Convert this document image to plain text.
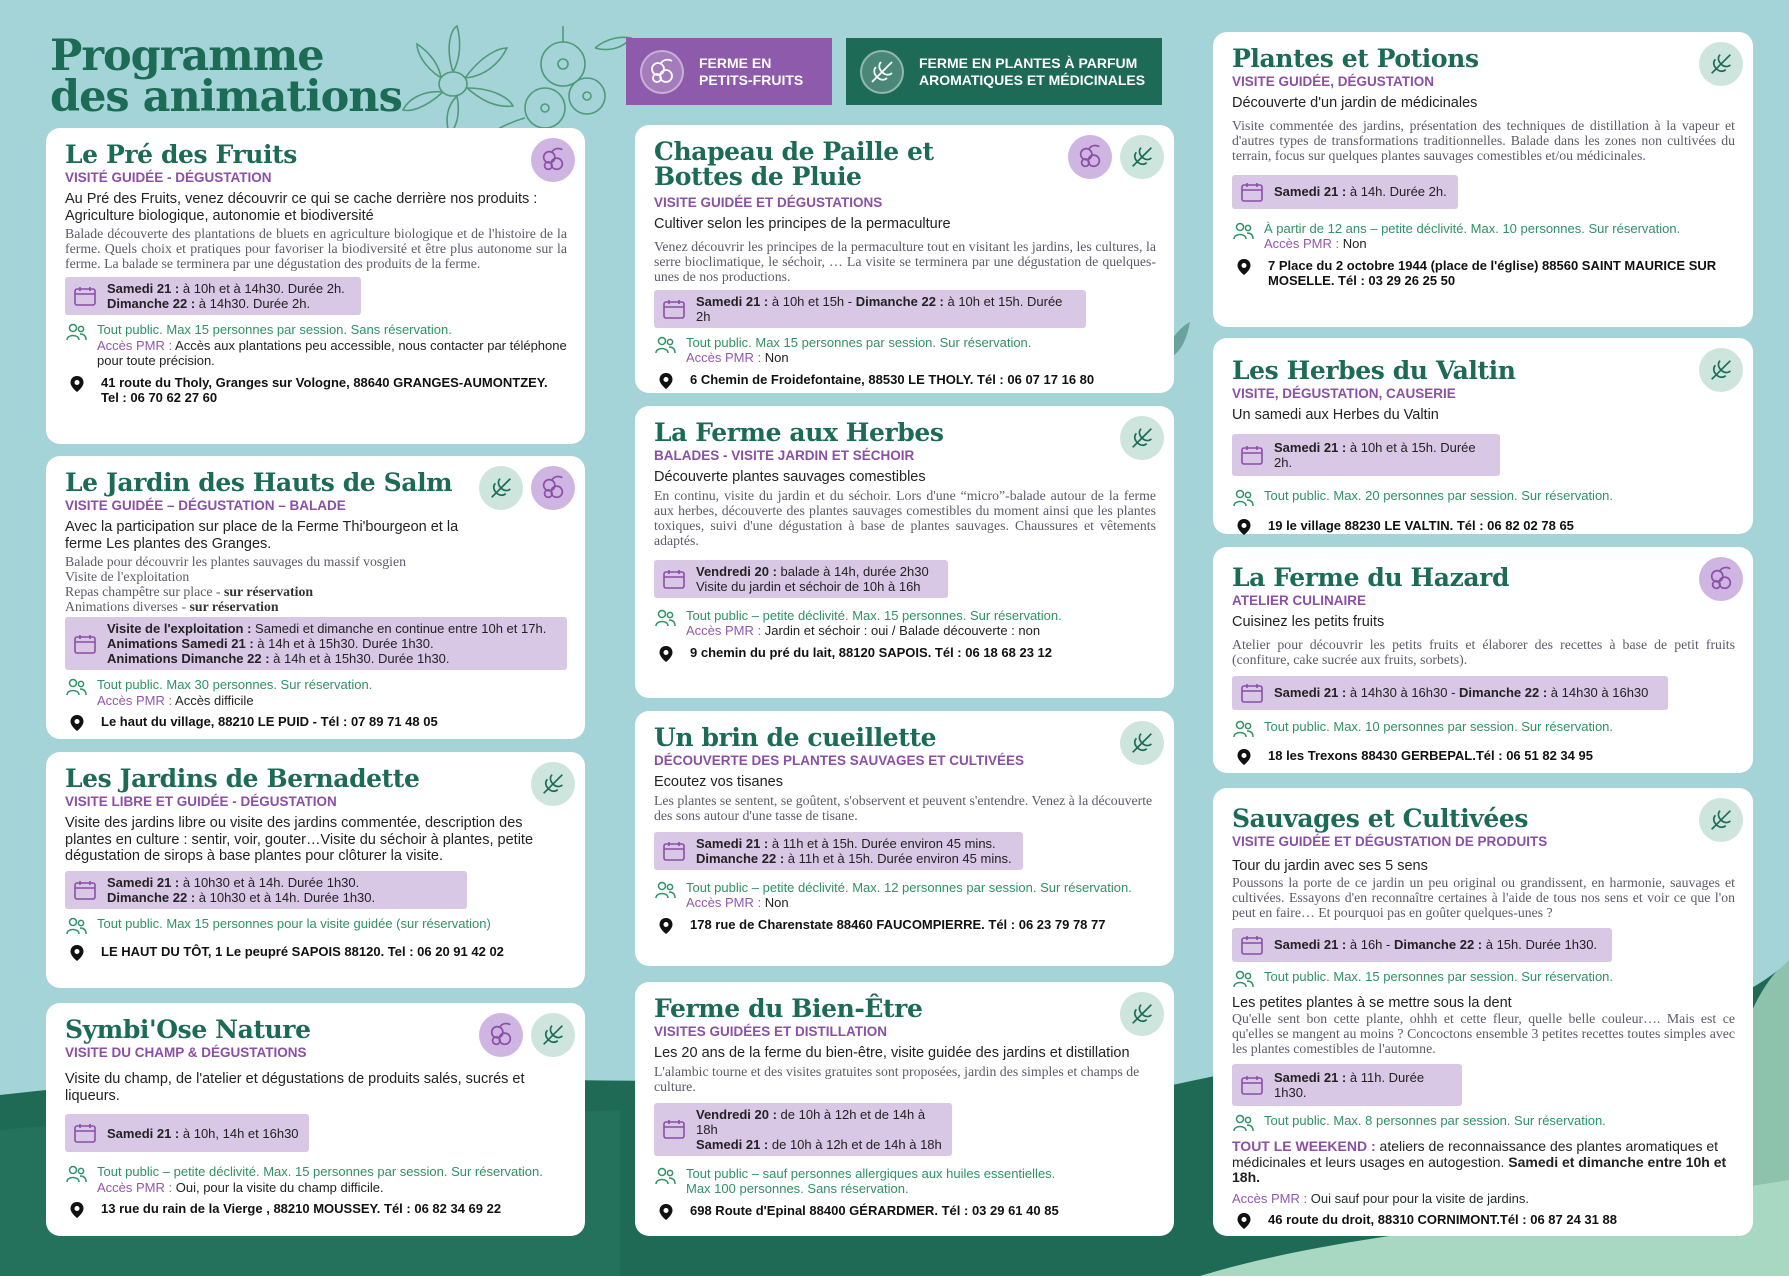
Programme
des animations
FERME EN
PETITS-FRUITS
FERME EN PLANTES À PARFUM
AROMATIQUES ET MÉDICINALES
Le Pré des Fruits
VISITÉ GUIDÉE - DÉGUSTATION
Au Pré des Fruits, venez découvrir ce qui se cache derrière nos produits : Agriculture biologique, autonomie et biodiversité
Balade découverte des plantations de bluets en agriculture biologique et de l'histoire de la ferme. Quels choix et pratiques pour favoriser la biodiversité et être plus autonome sur la ferme. La balade se terminera par une dégustation des produits de la ferme.
Samedi 21 : à 10h et à 14h30. Durée 2h.
Dimanche 22 : à 14h30. Durée 2h.
Tout public. Max 15 personnes par session. Sans réservation.
Accès PMR : Accès aux plantations peu accessible, nous contacter par téléphone pour toute précision.
41 route du Tholy, Granges sur Vologne, 88640 GRANGES-AUMONTZEY. Tel : 06 70 62 27 60
Le Jardin des Hauts de Salm
VISITE GUIDÉE – DÉGUSTATION – BALADE
Avec la participation sur place de la Ferme Thi'bourgeon et la ferme Les plantes des Granges.
Balade pour découvrir les plantes sauvages du massif vosgien
Visite de l'exploitation
Repas champêtre sur place - sur réservation
Animations diverses - sur réservation
Visite de l'exploitation : Samedi et dimanche en continue entre 10h et 17h.
Animations Samedi 21 : à 14h et à 15h30. Durée 1h30.
Animations Dimanche 22 : à 14h et à 15h30. Durée 1h30.
Tout public. Max 30 personnes. Sur réservation.
Accès PMR : Accès difficile
Le haut du village, 88210 LE PUID - Tél : 07 89 71 48 05
Les Jardins de Bernadette
VISITE LIBRE ET GUIDÉE - DÉGUSTATION
Visite des jardins libre ou visite des jardins commentée, description des plantes en culture : sentir, voir, gouter…Visite du séchoir à plantes, petite dégustation de sirops à base plantes pour clôturer la visite.
Samedi 21 : à 10h30 et à 14h. Durée 1h30.
Dimanche 22 : à 10h30 et à 14h. Durée 1h30.
Tout public. Max 15 personnes pour la visite guidée (sur réservation)
LE HAUT DU TÔT, 1 Le peupré SAPOIS 88120. Tel : 06 20 91 42 02
Symbi'Ose Nature
VISITE DU CHAMP & DÉGUSTATIONS
Visite du champ, de l'atelier et dégustations de produits salés, sucrés et liqueurs.
Samedi 21 : à 10h, 14h et 16h30
Tout public – petite déclivité. Max. 15 personnes par session. Sur réservation.
Accès PMR : Oui, pour la visite du champ difficile.
13 rue du rain de la Vierge , 88210 MOUSSEY. Tél : 06 82 34 69 22
Chapeau de Paille et
Bottes de Pluie
VISITE GUIDÉE ET DÉGUSTATIONS
Cultiver selon les principes de la permaculture
Venez découvrir les principes de la permaculture tout en visitant les jardins, les cultures, la serre bioclimatique, le séchoir, … La visite se terminera par une dégustation de quelques-unes de nos productions.
Samedi 21 : à 10h et 15h - Dimanche 22 : à 10h et 15h. Durée 2h
Tout public. Max 15 personnes par session. Sur réservation.
Accès PMR : Non
6 Chemin de Froidefontaine, 88530 LE THOLY. Tél : 06 07 17 16 80
La Ferme aux Herbes
BALADES - VISITE JARDIN ET SÉCHOIR
Découverte plantes sauvages comestibles
En continu, visite du jardin et du séchoir. Lors d'une “micro”-balade autour de la ferme aux herbes, découverte des plantes sauvages comestibles du moment ainsi que les plantes toxiques, suivi d'une dégustation à base de plantes sauvages. Chaussures et vêtements adaptés.
Vendredi 20 : balade à 14h, durée 2h30
Visite du jardin et séchoir de 10h à 16h
Tout public – petite déclivité. Max. 15 personnes. Sur réservation.
Accès PMR : Jardin et séchoir : oui / Balade découverte : non
9 chemin du pré du lait, 88120 SAPOIS. Tél : 06 18 68 23 12
Un brin de cueillette
DÉCOUVERTE DES PLANTES SAUVAGES ET CULTIVÉES
Ecoutez vos tisanes
Les plantes se sentent, se goûtent, s'observent et peuvent s'entendre. Venez à la découverte des sons autour d'une tasse de tisane.
Samedi 21 : à 11h et à 15h. Durée environ 45 mins.
Dimanche 22 : à 11h et à 15h. Durée environ 45 mins.
Tout public – petite déclivité. Max. 12 personnes par session. Sur réservation.
Accès PMR : Non
178 rue de Charenstate 88460 FAUCOMPIERRE. Tél : 06 23 79 78 77
Ferme du Bien-Être
VISITES GUIDÉES ET DISTILLATION
Les 20 ans de la ferme du bien-être, visite guidée des jardins et distillation
L'alambic tourne et des visites gratuites sont proposées, jardin des simples et champs de culture.
Vendredi 20 : de 10h à 12h et de 14h à 18h
Samedi 21 : de 10h à 12h et de 14h à 18h
Tout public – sauf personnes allergiques aux huiles essentielles.
Max 100 personnes. Sans réservation.
698 Route d'Epinal 88400 GÉRARDMER. Tél : 03 29 61 40 85
Plantes et Potions
VISITE GUIDÉE, DÉGUSTATION
Découverte d'un jardin de médicinales
Visite commentée des jardins, présentation des techniques de distillation à la vapeur et d'autres types de transformations traditionnelles. Balade dans les zones non cultivées du terrain, focus sur quelques plantes sauvages comestibles et/ou médicinales.
Samedi 21 : à 14h. Durée 2h.
À partir de 12 ans – petite déclivité. Max. 10 personnes. Sur réservation.
Accès PMR : Non
7 Place du 2 octobre 1944 (place de l'église) 88560 SAINT MAURICE SUR MOSELLE. Tél : 03 29 26 25 50
Les Herbes du Valtin
VISITE, DÉGUSTATION, CAUSERIE
Un samedi aux Herbes du Valtin
Samedi 21 : à 10h et à 15h. Durée 2h.
Tout public. Max. 20 personnes par session. Sur réservation.
19 le village 88230 LE VALTIN. Tél : 06 82 02 78 65
La Ferme du Hazard
ATELIER CULINAIRE
Cuisinez les petits fruits
Atelier pour découvrir les petits fruits et élaborer des recettes à base de petit fruits (confiture, cake sucrée aux fruits, sorbets).
Samedi 21 : à 14h30 à 16h30 - Dimanche 22 : à 14h30 à 16h30
Tout public. Max. 10 personnes par session. Sur réservation.
18 les Trexons 88430 GERBEPAL.Tél : 06 51 82 34 95
Sauvages et Cultivées
VISITE GUIDÉE ET DÉGUSTATION DE PRODUITS
Tour du jardin avec ses 5 sens
Poussons la porte de ce jardin un peu original ou grandissent, en harmonie, sauvages et cultivées. Essayons d'en reconnaître certaines à l'aide de tous nos sens et voir ce que l'on peut en faire… Et pourquoi pas en goûter quelques-unes ?
Samedi 21 : à 16h - Dimanche 22 : à 15h. Durée 1h30.
Tout public. Max. 15 personnes par session. Sur réservation.
Les petites plantes à se mettre sous la dent
Qu'elle sent bon cette plante, ohhh et cette fleur, quelle belle couleur…. Mais est ce qu'elles se mangent au moins ? Concoctons ensemble 3 petites recettes toutes simples avec les plantes comestibles de l'automne.
Samedi 21 : à 11h. Durée 1h30.
Tout public. Max. 8 personnes par session. Sur réservation.
TOUT LE WEEKEND : ateliers de reconnaissance des plantes aromatiques et médicinales et leurs usages en autogestion. Samedi et dimanche entre 10h et 18h.
Accès PMR : Oui sauf pour pour la visite de jardins.
46 route du droit, 88310 CORNIMONT.Tél : 06 87 24 31 88
